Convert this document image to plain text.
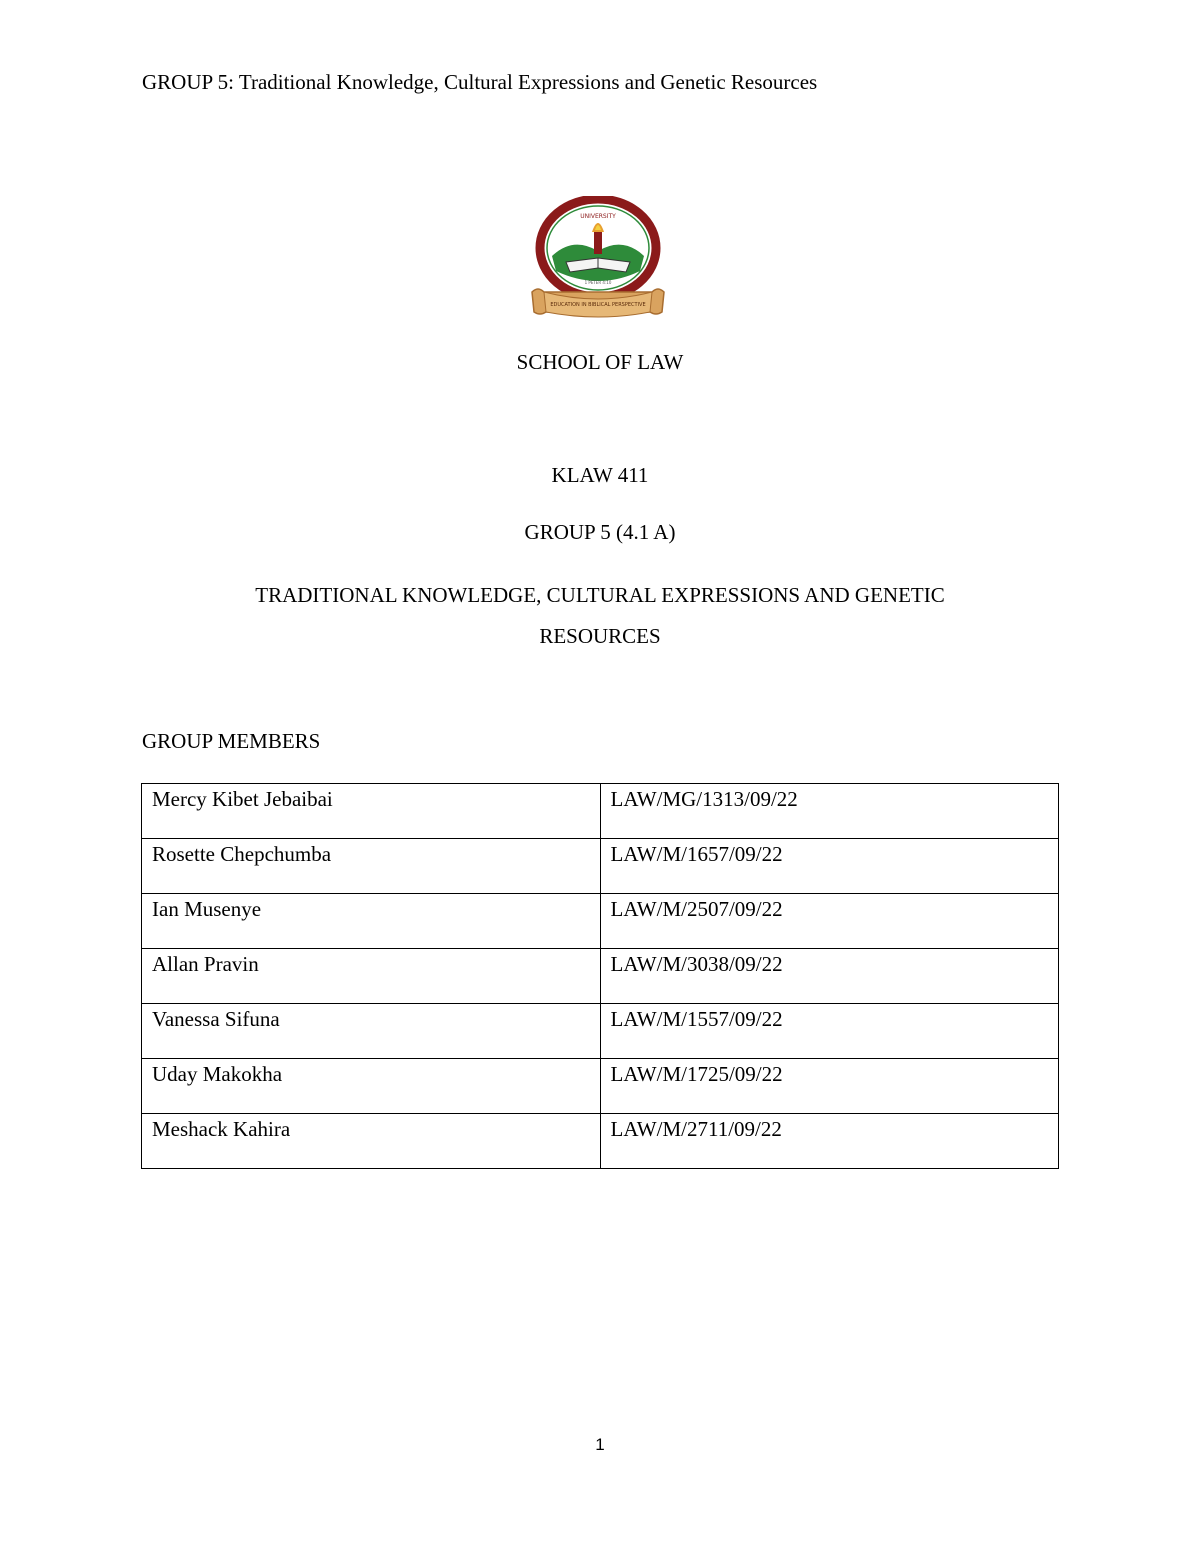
GROUP 5: Traditional Knowledge, Cultural Expressions and Genetic Resources
UNIVERSITY
1 PETER 4:10
EDUCATION IN BIBLICAL PERSPECTIVE
SCHOOL OF LAW
KLAW 411
GROUP 5 (4.1 A)
TRADITIONAL KNOWLEDGE, CULTURAL EXPRESSIONS AND GENETIC
RESOURCES
GROUP MEMBERS
Mercy Kibet Jebaibai	LAW/MG/1313/09/22
Rosette Chepchumba	LAW/M/1657/09/22
Ian Musenye	LAW/M/2507/09/22
Allan Pravin	LAW/M/3038/09/22
Vanessa Sifuna	LAW/M/1557/09/22
Uday Makokha	LAW/M/1725/09/22
Meshack Kahira	LAW/M/2711/09/22
1
